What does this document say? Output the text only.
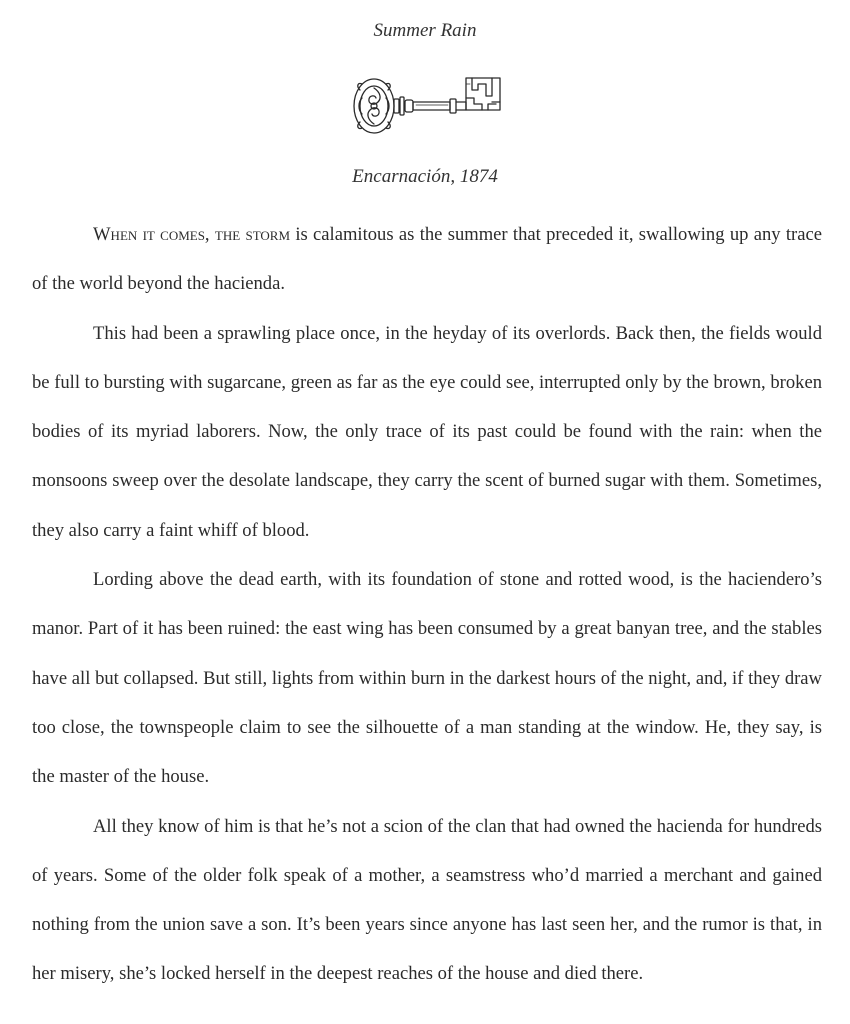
Summer Rain
Encarnación, 1874

When it comes, the storm is calamitous as the summer that preceded it, swallowing up any trace of the world beyond the hacienda.

This had been a sprawling place once, in the heyday of its overlords. Back then, the fields would be full to bursting with sugarcane, green as far as the eye could see, interrupted only by the brown, broken bodies of its myriad laborers. Now, the only trace of its past could be found with the rain: when the monsoons sweep over the desolate landscape, they carry the scent of burned sugar with them. Sometimes, they also carry a faint whiff of blood.

Lording above the dead earth, with its foundation of stone and rotted wood, is the haciendero’s manor. Part of it has been ruined: the east wing has been consumed by a great banyan tree, and the stables have all but collapsed. But still, lights from within burn in the darkest hours of the night, and, if they draw too close, the townspeople claim to see the silhouette of a man standing at the window. He, they say, is the master of the house.

All they know of him is that he’s not a scion of the clan that had owned the hacienda for hundreds of years. Some of the older folk speak of a mother, a seamstress who’d married a merchant and gained nothing from the union save a son. It’s been years since anyone has last seen her, and the rumor is that, in her misery, she’s locked herself in the deepest reaches of the house and died there.
